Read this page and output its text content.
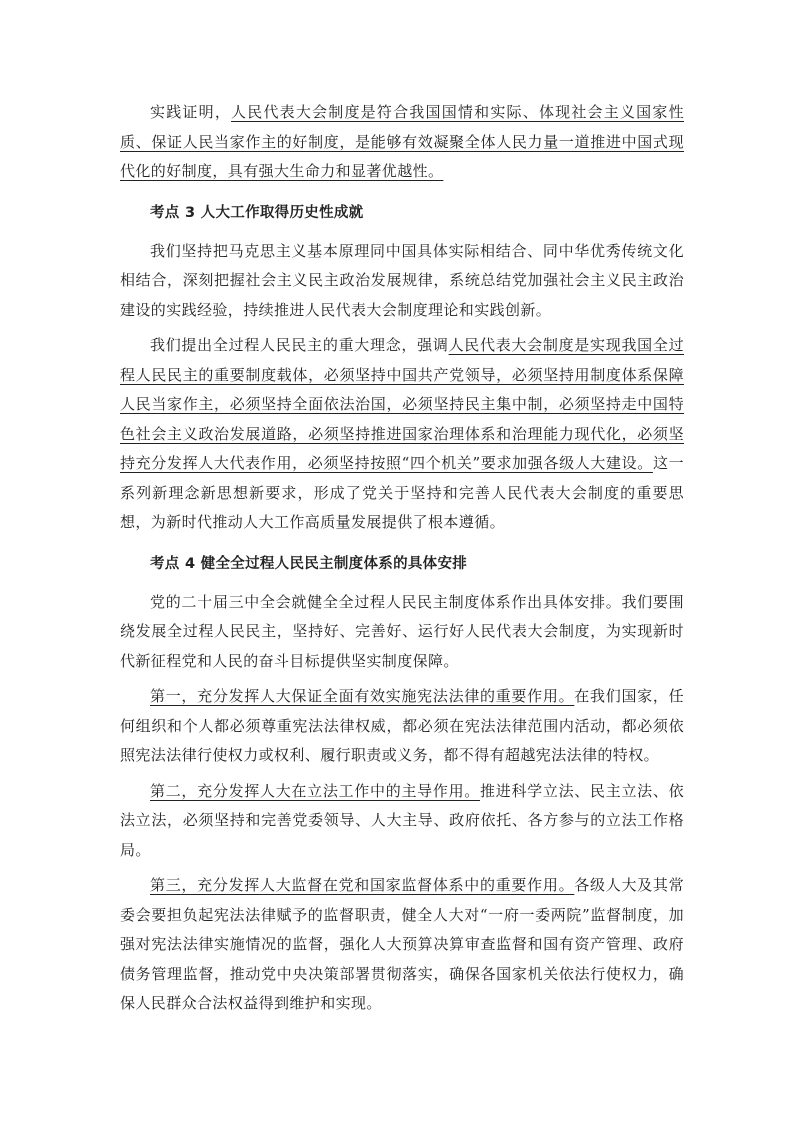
实践证明，人民代表大会制度是符合我国国情和实际、体现社会主义国家性质、保证人民当家作主的好制度，是能够有效凝聚全体人民力量一道推进中国式现代化的好制度，具有强大生命力和显著优越性。

考点 3 人大工作取得历史性成就

我们坚持把马克思主义基本原理同中国具体实际相结合、同中华优秀传统文化相结合，深刻把握社会主义民主政治发展规律，系统总结党加强社会主义民主政治建设的实践经验，持续推进人民代表大会制度理论和实践创新。

我们提出全过程人民民主的重大理念，强调人民代表大会制度是实现我国全过程人民民主的重要制度载体，必须坚持中国共产党领导，必须坚持用制度体系保障人民当家作主，必须坚持全面依法治国，必须坚持民主集中制，必须坚持走中国特色社会主义政治发展道路，必须坚持推进国家治理体系和治理能力现代化，必须坚持充分发挥人大代表作用，必须坚持按照“四个机关”要求加强各级人大建设。这一系列新理念新思想新要求，形成了党关于坚持和完善人民代表大会制度的重要思想，为新时代推动人大工作高质量发展提供了根本遵循。

考点 4 健全全过程人民民主制度体系的具体安排

党的二十届三中全会就健全全过程人民民主制度体系作出具体安排。我们要围绕发展全过程人民民主，坚持好、完善好、运行好人民代表大会制度，为实现新时代新征程党和人民的奋斗目标提供坚实制度保障。

第一，充分发挥人大保证全面有效实施宪法法律的重要作用。在我们国家，任何组织和个人都必须尊重宪法法律权威，都必须在宪法法律范围内活动，都必须依照宪法法律行使权力或权利、履行职责或义务，都不得有超越宪法法律的特权。

第二，充分发挥人大在立法工作中的主导作用。推进科学立法、民主立法、依法立法，必须坚持和完善党委领导、人大主导、政府依托、各方参与的立法工作格局。

第三，充分发挥人大监督在党和国家监督体系中的重要作用。各级人大及其常委会要担负起宪法法律赋予的监督职责，健全人大对“一府一委两院”监督制度，加强对宪法法律实施情况的监督，强化人大预算决算审查监督和国有资产管理、政府债务管理监督，推动党中央决策部署贯彻落实，确保各国家机关依法行使权力，确保人民群众合法权益得到维护和实现。
